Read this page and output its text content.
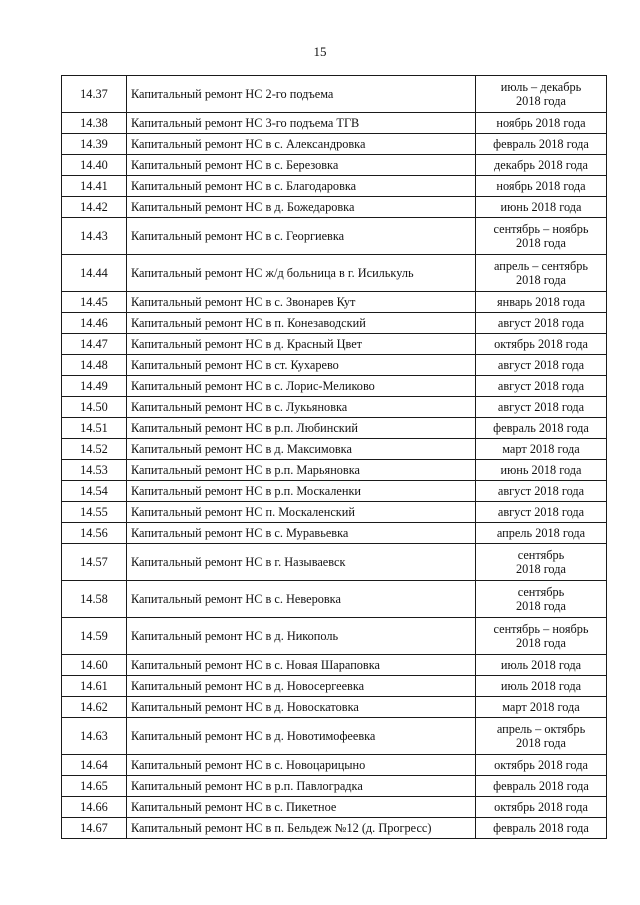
15
14.37	Капитальный ремонт НС 2-го подъема	июль – декабрь
2018 года

14.38	Капитальный ремонт НС 3-го подъема ТГВ	ноябрь 2018 года

14.39	Капитальный ремонт НС в с. Александровка	февраль 2018 года

14.40	Капитальный ремонт НС в с. Березовка	декабрь 2018 года

14.41	Капитальный ремонт НС в с. Благодаровка	ноябрь 2018 года

14.42	Капитальный ремонт НС в д. Божедаровка	июнь 2018 года

14.43	Капитальный ремонт НС в с. Георгиевка	сентябрь – ноябрь
2018 года

14.44	Капитальный ремонт НС ж/д больница в г. Исилькуль	апрель – сентябрь
2018 года

14.45	Капитальный ремонт НС в с. Звонарев Кут	январь 2018 года

14.46	Капитальный ремонт НС в п. Конезаводский	август 2018 года

14.47	Капитальный ремонт НС в д. Красный Цвет	октябрь 2018 года

14.48	Капитальный ремонт НС в ст. Кухарево	август 2018 года

14.49	Капитальный ремонт НС в с. Лорис-Меликово	август 2018 года

14.50	Капитальный ремонт НС в с. Лукьяновка	август 2018 года

14.51	Капитальный ремонт НС в р.п. Любинский	февраль 2018 года

14.52	Капитальный ремонт НС в д. Максимовка	март 2018 года

14.53	Капитальный ремонт НС в р.п. Марьяновка	июнь 2018 года

14.54	Капитальный ремонт НС в р.п. Москаленки	август 2018 года

14.55	Капитальный ремонт НС п. Москаленский	август 2018 года

14.56	Капитальный ремонт НС в с. Муравьевка	апрель 2018 года

14.57	Капитальный ремонт НС в г. Называевск	сентябрь
2018 года

14.58	Капитальный ремонт НС в с. Неверовка	сентябрь
2018 года

14.59	Капитальный ремонт НС в д. Никополь	сентябрь – ноябрь
2018 года

14.60	Капитальный ремонт НС в с. Новая Шараповка	июль 2018 года

14.61	Капитальный ремонт НС в д. Новосергеевка	июль 2018 года

14.62	Капитальный ремонт НС в д. Новоскатовка	март 2018 года

14.63	Капитальный ремонт НС в д. Новотимофеевка	апрель – октябрь
2018 года

14.64	Капитальный ремонт НС в с. Новоцарицыно	октябрь 2018 года

14.65	Капитальный ремонт НС в р.п. Павлоградка	февраль 2018 года

14.66	Капитальный ремонт НС в с. Пикетное	октябрь 2018 года

14.67	Капитальный ремонт НС в п. Бельдеж №12 (д. Прогресс)	февраль 2018 года
